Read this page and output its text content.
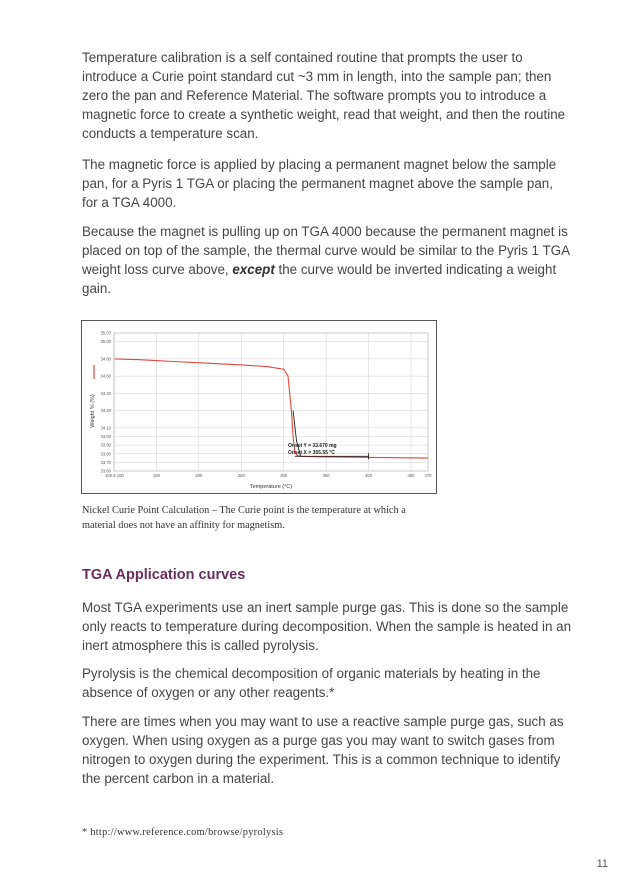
Temperature calibration is a self contained routine that prompts the user to introduce a Curie point standard cut ~3 mm in length, into the sample pan; then zero the pan and Reference Material. The software prompts you to introduce a magnetic force to create a synthetic weight, read that weight, and then the routine conducts a temperature scan.

The magnetic force is applied by placing a permanent magnet below the sample pan, for a Pyris 1 TGA or placing the permanent magnet above the sample pan, for a TGA 4000.

Because the magnet is pulling up on TGA 4000 because the permanent magnet is placed on top of the sample, the thermal curve would be similar to the Pyris 1 TGA weight loss curve above, except the curve would be inverted indicating a weight gain.

33.60
33.70
33.80
33.90
34.00
34.10
34.20
34.40
34.60
34.80
35.00
35.07
100.5 100	150	200	250	300	350	400	450 470
Temperature (°C)
Weight % (%)
Onset Y = 33.670 mg
Onset X = 355.55 °C

Nickel Curie Point Calculation – The Curie point is the temperature at which a material does not have an affinity for magnetism.

TGA Application curves

Most TGA experiments use an inert sample purge gas. This is done so the sample only reacts to temperature during decomposition. When the sample is heated in an inert atmosphere this is called pyrolysis.

Pyrolysis is the chemical decomposition of organic materials by heating in the absence of oxygen or any other reagents.*

There are times when you may want to use a reactive sample purge gas, such as oxygen. When using oxygen as a purge gas you may want to switch gases from nitrogen to oxygen during the experiment. This is a common technique to identify the percent carbon in a material.

* http://www.reference.com/browse/pyrolysis

11
